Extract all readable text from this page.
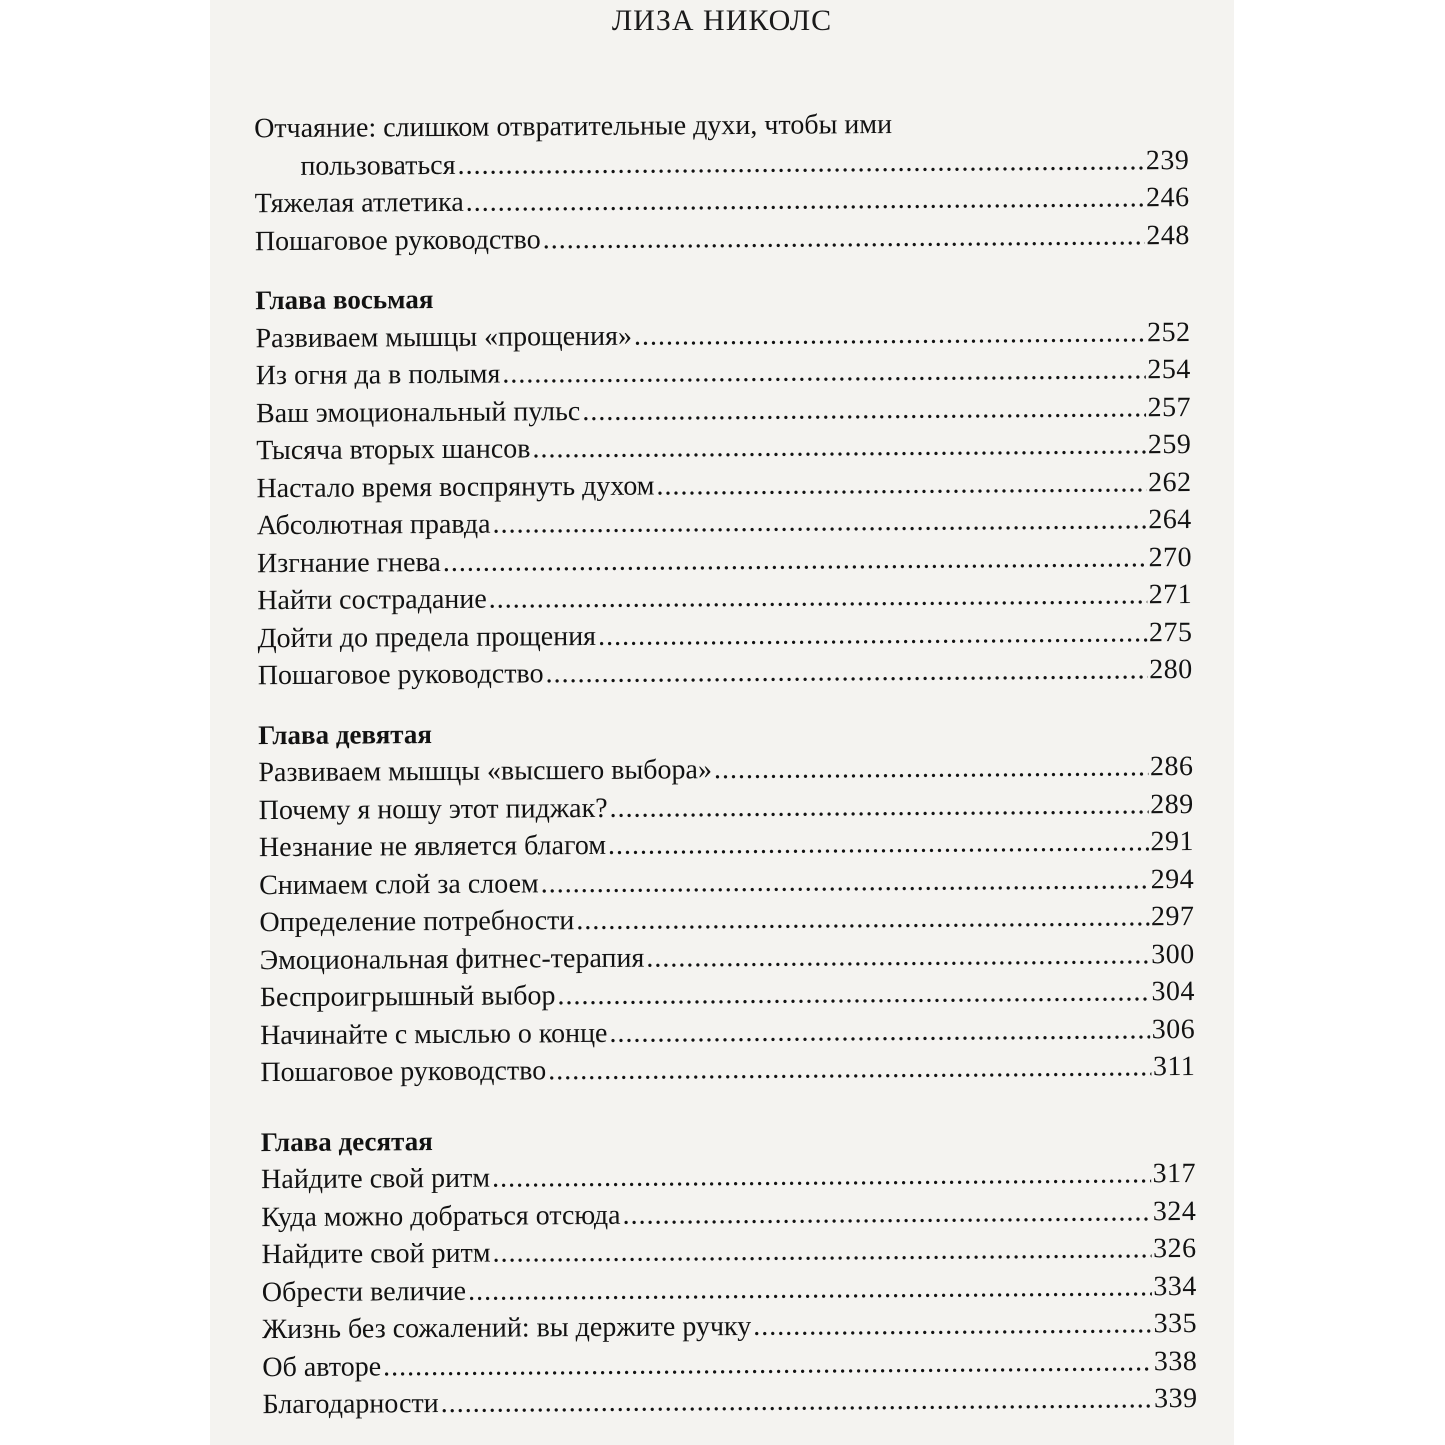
ЛИЗА НИКОЛС
Отчаяние: слишком отвратительные духи, чтобы ими
пользоваться .....	239
Тяжелая атлетика .....	246
Пошаговое руководство .....	248
Глава восьмая
Развиваем мышцы «прощения» .....	252
Из огня да в полымя .....	254
Ваш эмоциональный пульс .....	257
Тысяча вторых шансов .....	259
Настало время воспрянуть духом .....	262
Абсолютная правда .....	264
Изгнание гнева .....	270
Найти сострадание .....	271
Дойти до предела прощения .....	275
Пошаговое руководство .....	280
Глава девятая
Развиваем мышцы «высшего выбора» .....	286
Почему я ношу этот пиджак? .....	289
Незнание не является благом .....	291
Снимаем слой за слоем .....	294
Определение потребности .....	297
Эмоциональная фитнес-терапия .....	300
Беспроигрышный выбор .....	304
Начинайте с мыслью о конце .....	306
Пошаговое руководство .....	311
Глава десятая
Найдите свой ритм .....	317
Куда можно добраться отсюда .....	324
Найдите свой ритм .....	326
Обрести величие .....	334
Жизнь без сожалений: вы держите ручку .....	335
Об авторе .....	338
Благодарности .....	339
